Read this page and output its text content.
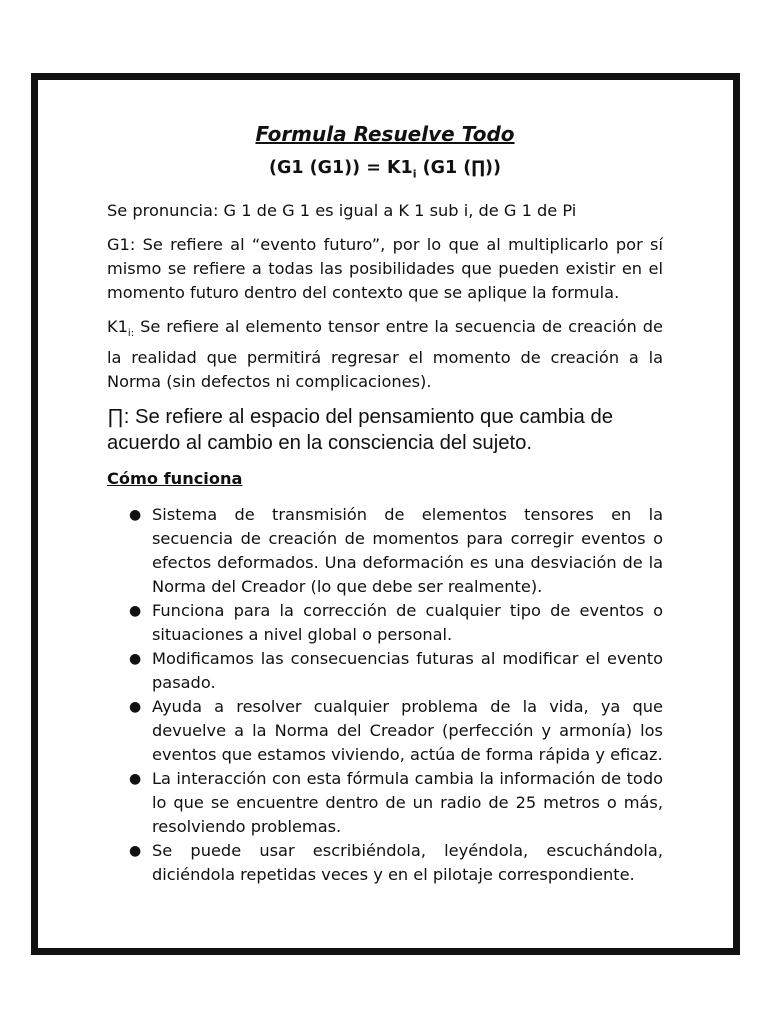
Formula Resuelve Todo

(G1 $(G1)) = K1_i$ (G1 (∏))

Se pronuncia: G 1 de G 1 es igual a K 1 sub i, de G 1 de Pi

G1: Se refiere al “evento futuro”, por lo que al multiplicarlo por sí mismo se refiere a todas las posibilidades que pueden existir en el momento futuro dentro del contexto que se aplique la formula.

$K1_{i:}$ Se refiere al elemento tensor entre la secuencia de creación de la realidad que permitirá regresar el momento de creación a la Norma (sin defectos ni complicaciones).

∏: Se refiere al espacio del pensamiento que cambia de acuerdo al cambio en la consciencia del sujeto.

Cómo funciona

● Sistema de transmisión de elementos tensores en la secuencia de creación de momentos para corregir eventos o efectos deformados. Una deformación es una desviación de la Norma del Creador (lo que debe ser realmente).
● Funciona para la corrección de cualquier tipo de eventos o situaciones a nivel global o personal.
● Modificamos las consecuencias futuras al modificar el evento pasado.
● Ayuda a resolver cualquier problema de la vida, ya que devuelve a la Norma del Creador (perfección y armonía) los eventos que estamos viviendo, actúa de forma rápida y eficaz.
● La interacción con esta fórmula cambia la información de todo lo que se encuentre dentro de un radio de 25 metros o más, resolviendo problemas.
● Se puede usar escribiéndola, leyéndola, escuchándola, diciéndola repetidas veces y en el pilotaje correspondiente.
